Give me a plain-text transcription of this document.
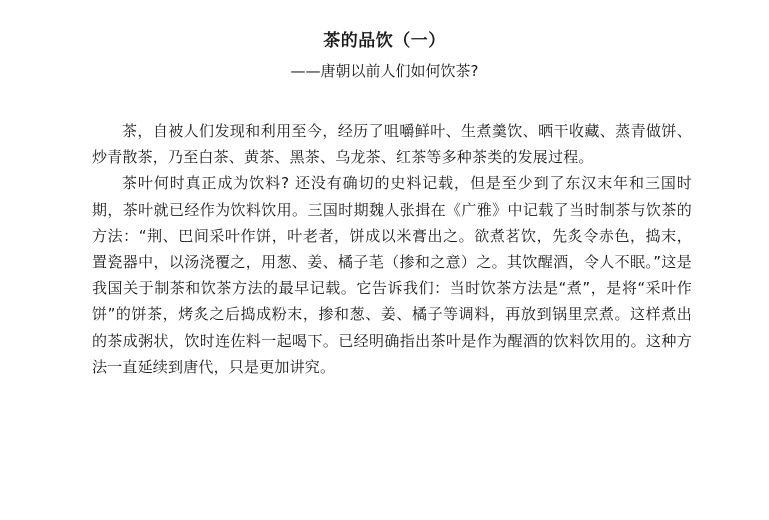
茶的品饮（一）
——唐朝以前人们如何饮茶?

茶，自被人们发现和利用至今，经历了咀嚼鲜叶、生煮羹饮、晒干收藏、蒸青做饼、炒青散茶，乃至白茶、黄茶、黑茶、乌龙茶、红茶等多种茶类的发展过程。

茶叶何时真正成为饮料? 还没有确切的史料记载，但是至少到了东汉末年和三国时期，茶叶就已经作为饮料饮用。三国时期魏人张揖在《广雅》中记载了当时制茶与饮茶的方法：“荆、巴间采叶作饼，叶老者，饼成以米膏出之。欲煮茗饮，先炙令赤色，捣末，置瓷器中，以汤浇覆之，用葱、姜、橘子芼（掺和之意）之。其饮醒酒，令人不眠。”这是我国关于制茶和饮茶方法的最早记载。它告诉我们：当时饮茶方法是“煮”，是将“采叶作饼”的饼茶，烤炙之后捣成粉末，掺和葱、姜、橘子等调料，再放到锅里烹煮。这样煮出的茶成粥状，饮时连佐料一起喝下。已经明确指出茶叶是作为醒酒的饮料饮用的。这种方法一直延续到唐代，只是更加讲究。
